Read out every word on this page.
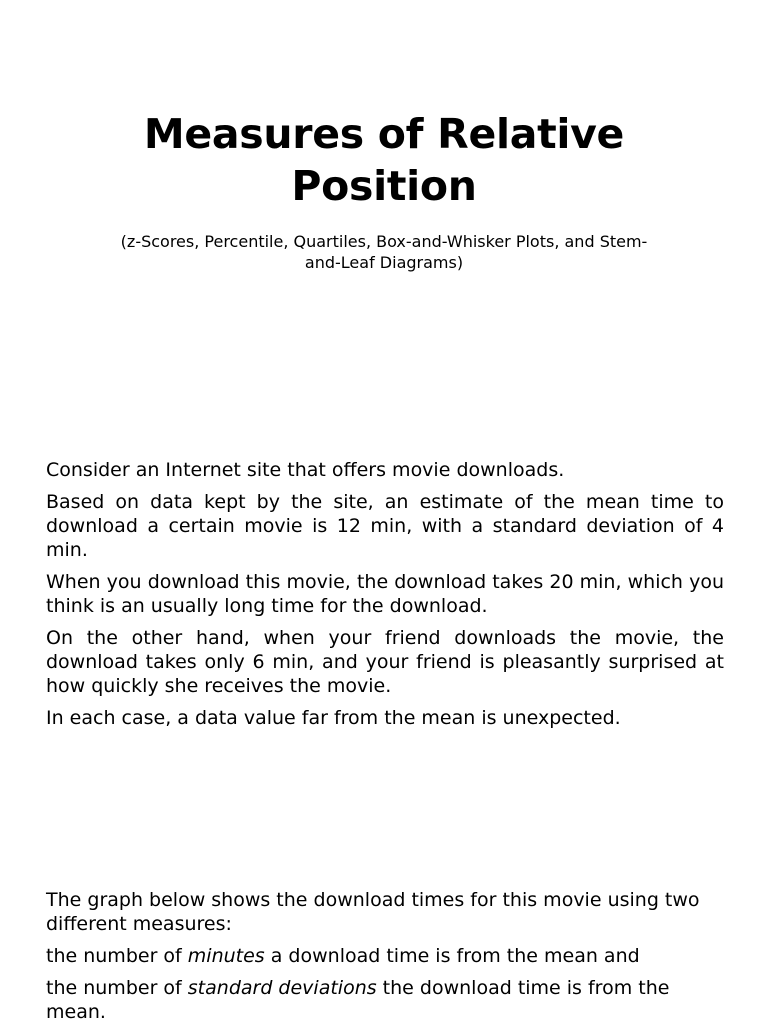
Measures of Relative
Position

(z-Scores, Percentile, Quartiles, Box-and-Whisker Plots, and Stem-
and-Leaf Diagrams)

Consider an Internet site that offers movie downloads.

Based on data kept by the site, an estimate of the mean time to download a certain movie is 12 min, with a standard deviation of 4 min.

When you download this movie, the download takes 20 min, which you think is an usually long time for the download.

On the other hand, when your friend downloads the movie, the download takes only 6 min, and your friend is pleasantly surprised at how quickly she receives the movie.

In each case, a data value far from the mean is unexpected.

The graph below shows the download times for this movie using two different measures:

the number of minutes a download time is from the mean and

the number of standard deviations the download time is from the mean.
